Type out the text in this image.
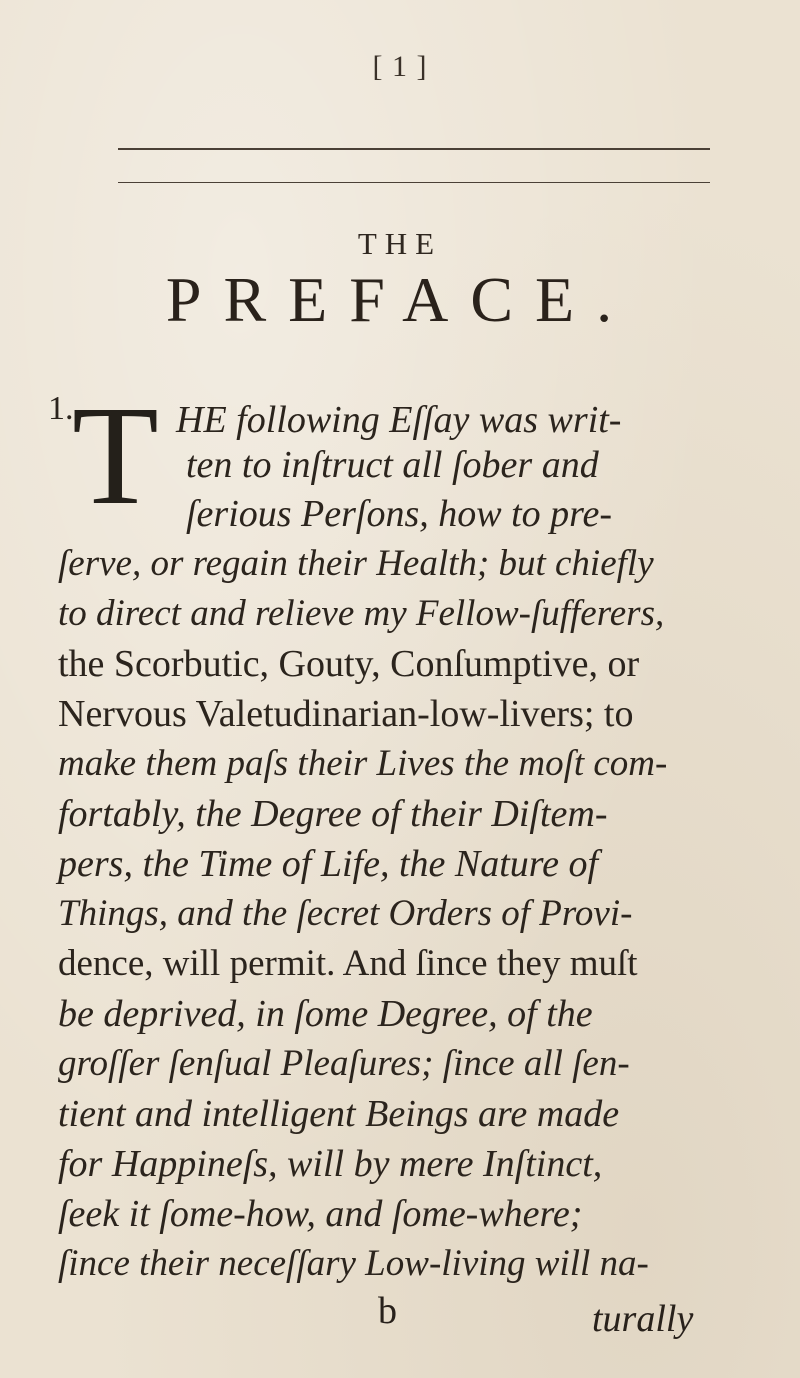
[ 1 ]
THE
PREFACE.
1.
T HE following Eſſay was writ-
ten to inſtruct all ſober and
ſerious Perſons, how to pre-
ſerve, or regain their Health; but chiefly
to direct and relieve my Fellow-ſufferers,
the Scorbutic, Gouty, Conſumptive, or
Nervous Valetudinarian-low-livers; to
make them paſs their Lives the moſt com-
fortably, the Degree of their Diſtem-
pers, the Time of Life, the Nature of
Things, and the ſecret Orders of Provi-
dence, will permit. And ſince they muſt
be deprived, in ſome Degree, of the
groſſer ſenſual Pleaſures; ſince all ſen-
tient and intelligent Beings are made
for Happineſs, will by mere Inſtinct,
ſeek it ſome-how, and ſome-where;
ſince their neceſſary Low-living will na-
b	turally
